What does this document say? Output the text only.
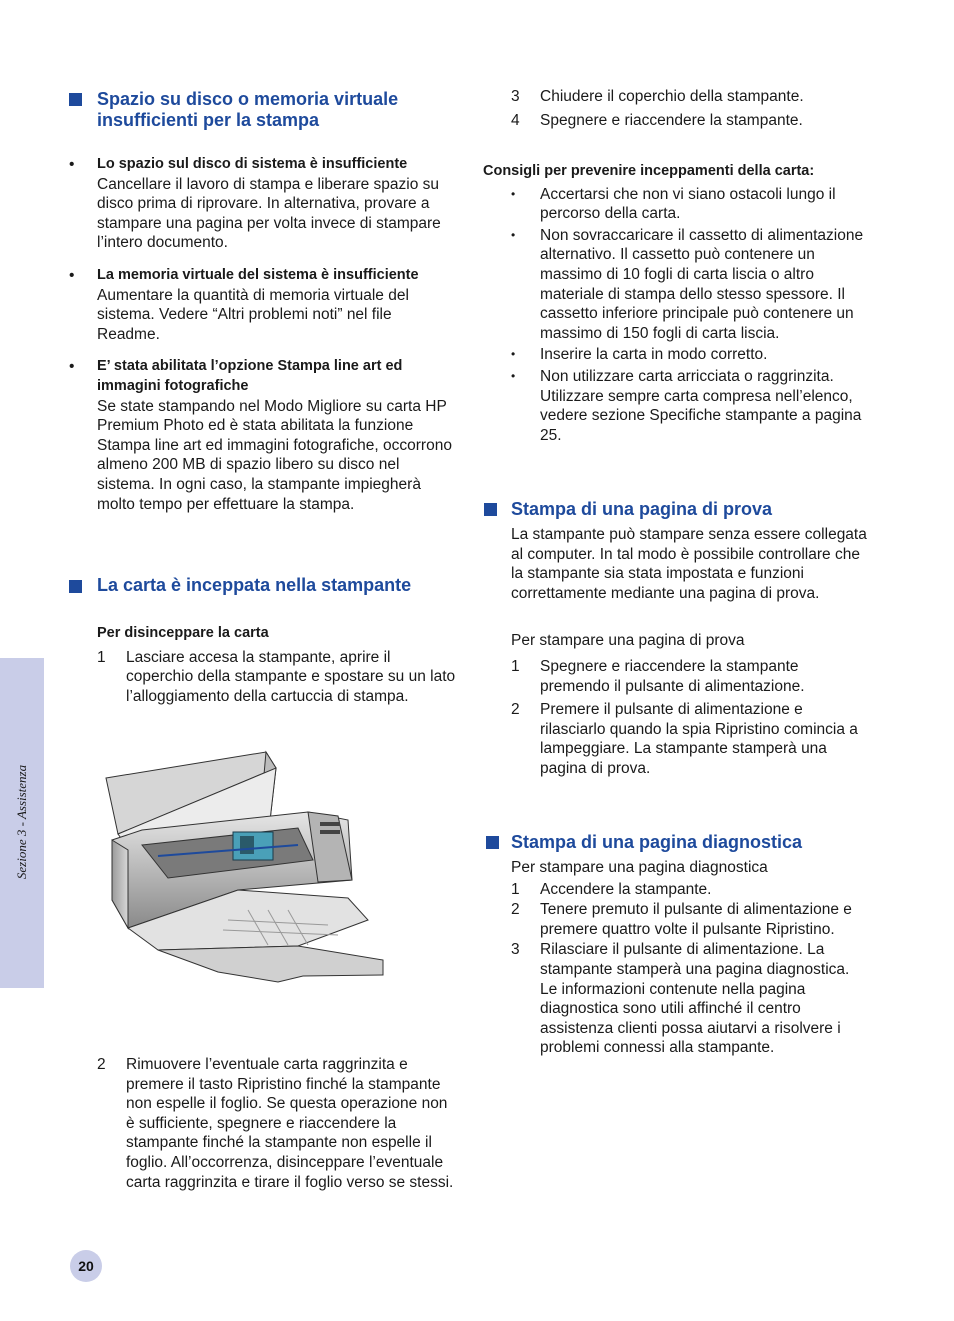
Sezione 3 - Assistenza
Spazio su disco o memoria virtuale insufficienti per la stampa
• Lo spazio sul disco di sistema è insufficiente

Cancellare il lavoro di stampa e liberare spazio su disco prima di riprovare. In alternativa, provare a stampare una pagina per volta invece di stampare l’intero documento.

• La memoria virtuale del sistema è insufficiente

Aumentare la quantità di memoria virtuale del sistema. Vedere “Altri problemi noti” nel file Readme.

• E’ stata abilitata l’opzione Stampa line art ed immagini fotografiche

Se state stampando nel Modo Migliore su carta HP Premium Photo ed è stata abilitata la funzione Stampa line art ed immagini fotografiche, occorrono almeno 200 MB di spazio libero su disco nel sistema. In ogni caso, la stampante impiegherà molto tempo per effettuare la stampa.

La carta è inceppata nella stampante

Per disinceppare la carta

1 Lasciare accesa la stampante, aprire il coperchio della stampante e spostare su un lato l’alloggiamento della cartuccia di stampa.

2 Rimuovere l’eventuale carta raggrinzita e premere il tasto Ripristino finché la stampante non espelle il foglio. Se questa operazione non è sufficiente, spegnere e riaccendere la stampante finché la stampante non espelle il foglio. All’occorrenza, disinceppare l’eventuale carta raggrinzita e tirare il foglio verso se stessi.

3 Chiudere il coperchio della stampante.

4 Spegnere e riaccendere la stampante.

Consigli per prevenire inceppamenti della carta:

• Accertarsi che non vi siano ostacoli lungo il percorso della carta.

• Non sovraccaricare il cassetto di alimentazione alternativo. Il cassetto può contenere un massimo di 10 fogli di carta liscia o altro materiale di stampa dello stesso spessore. Il cassetto inferiore principale può contenere un massimo di 150 fogli di carta liscia.

• Inserire la carta in modo corretto.

• Non utilizzare carta arricciata o raggrinzita. Utilizzare sempre carta compresa nell’elenco, vedere sezione Specifiche stampante a pagina 25.

Stampa di una pagina di prova

La stampante può stampare senza essere collegata al computer. In tal modo è possibile controllare che la stampante sia stata impostata e funzioni correttamente mediante una pagina di prova.

Per stampare una pagina di prova

1 Spegnere e riaccendere la stampante premendo il pulsante di alimentazione.

2 Premere il pulsante di alimentazione e rilasciarlo quando la spia Ripristino comincia a lampeggiare. La stampante stamperà una pagina di prova.

Stampa di una pagina diagnostica

Per stampare una pagina diagnostica

1 Accendere la stampante.

2 Tenere premuto il pulsante di alimentazione e premere quattro volte il pulsante Ripristino.

3 Rilasciare il pulsante di alimentazione. La stampante stamperà una pagina diagnostica. Le informazioni contenute nella pagina diagnostica sono utili affinché il centro assistenza clienti possa aiutarvi a risolvere i problemi connessi alla stampante.

20
